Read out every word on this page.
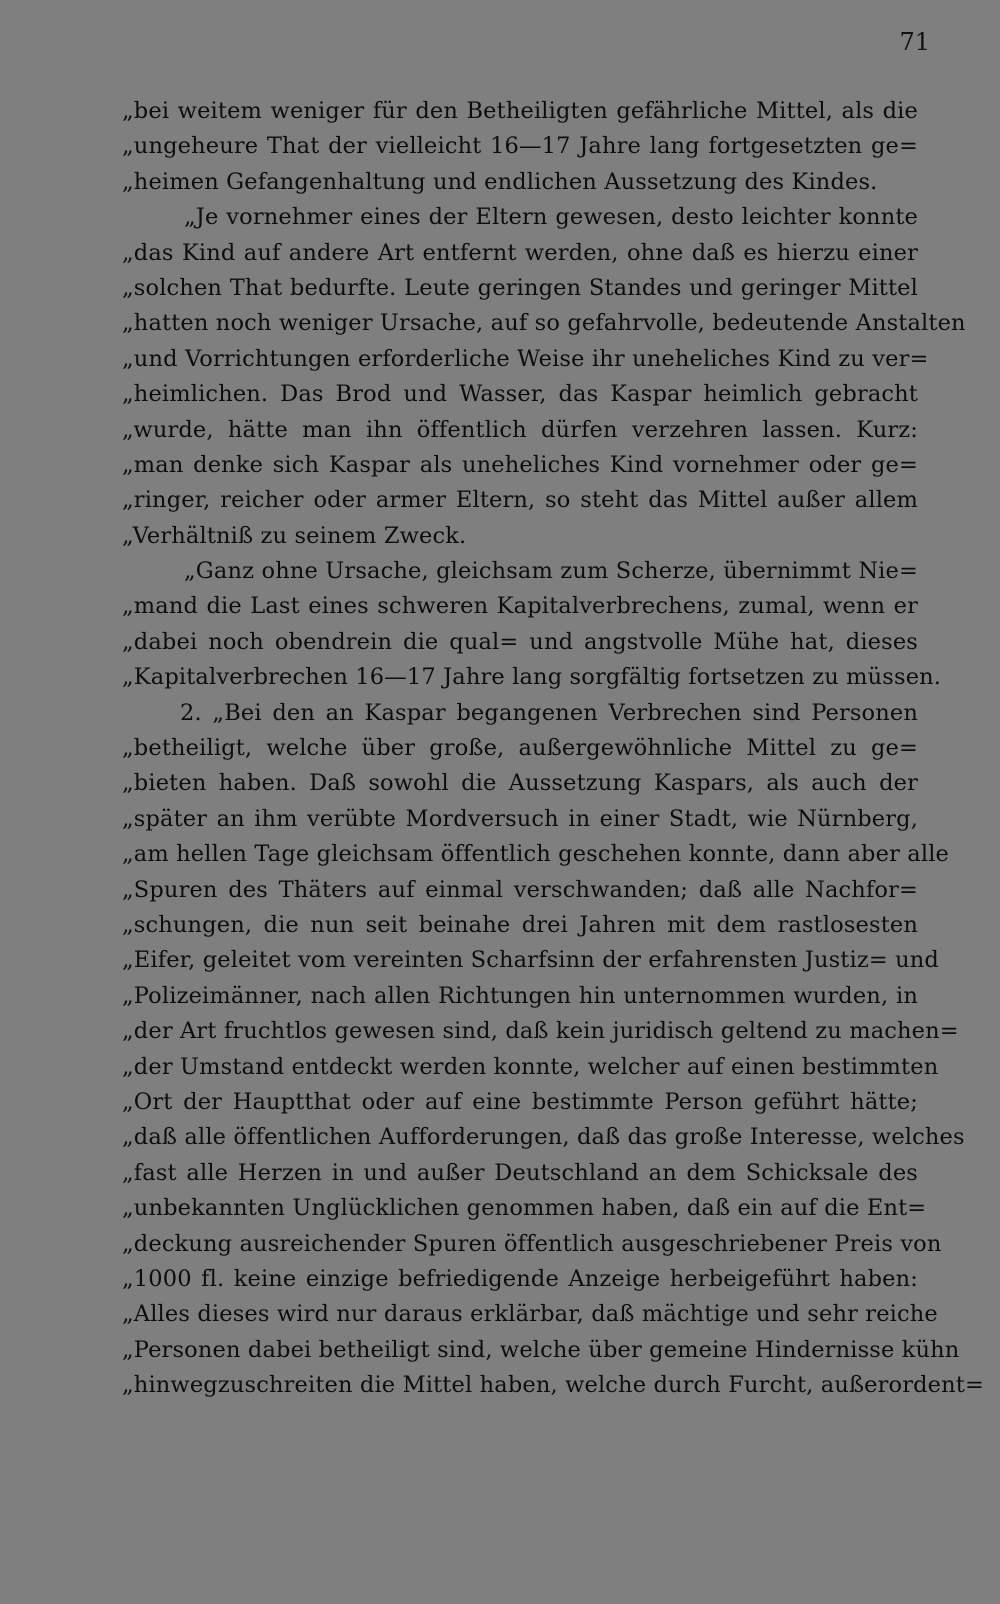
71
„bei weitem weniger für den Betheiligten gefährliche Mittel, als die
„ungeheure That der vielleicht 16—17 Jahre lang fortgesetzten ge=
„heimen Gefangenhaltung und endlichen Aussetzung des Kindes.
„Je vornehmer eines der Eltern gewesen, desto leichter konnte
„das Kind auf andere Art entfernt werden, ohne daß es hierzu einer
„solchen That bedurfte. Leute geringen Standes und geringer Mittel
„hatten noch weniger Ursache, auf so gefahrvolle, bedeutende Anstalten
„und Vorrichtungen erforderliche Weise ihr uneheliches Kind zu ver=
„heimlichen. Das Brod und Wasser, das Kaspar heimlich gebracht
„wurde, hätte man ihn öffentlich dürfen verzehren lassen. Kurz:
„man denke sich Kaspar als uneheliches Kind vornehmer oder ge=
„ringer, reicher oder armer Eltern, so steht das Mittel außer allem
„Verhältniß zu seinem Zweck.
„Ganz ohne Ursache, gleichsam zum Scherze, übernimmt Nie=
„mand die Last eines schweren Kapitalverbrechens, zumal, wenn er
„dabei noch obendrein die qual= und angstvolle Mühe hat, dieses
„Kapitalverbrechen 16—17 Jahre lang sorgfältig fortsetzen zu müssen.
2. „Bei den an Kaspar begangenen Verbrechen sind Personen
„betheiligt, welche über große, außergewöhnliche Mittel zu ge=
„bieten haben. Daß sowohl die Aussetzung Kaspars, als auch der
„später an ihm verübte Mordversuch in einer Stadt, wie Nürnberg,
„am hellen Tage gleichsam öffentlich geschehen konnte, dann aber alle
„Spuren des Thäters auf einmal verschwanden; daß alle Nachfor=
„schungen, die nun seit beinahe drei Jahren mit dem rastlosesten
„Eifer, geleitet vom vereinten Scharfsinn der erfahrensten Justiz= und
„Polizeimänner, nach allen Richtungen hin unternommen wurden, in
„der Art fruchtlos gewesen sind, daß kein juridisch geltend zu machen=
„der Umstand entdeckt werden konnte, welcher auf einen bestimmten
„Ort der Hauptthat oder auf eine bestimmte Person geführt hätte;
„daß alle öffentlichen Aufforderungen, daß das große Interesse, welches
„fast alle Herzen in und außer Deutschland an dem Schicksale des
„unbekannten Unglücklichen genommen haben, daß ein auf die Ent=
„deckung ausreichender Spuren öffentlich ausgeschriebener Preis von
„1000 fl. keine einzige befriedigende Anzeige herbeigeführt haben:
„Alles dieses wird nur daraus erklärbar, daß mächtige und sehr reiche
„Personen dabei betheiligt sind, welche über gemeine Hindernisse kühn
„hinwegzuschreiten die Mittel haben, welche durch Furcht, außerordent=
